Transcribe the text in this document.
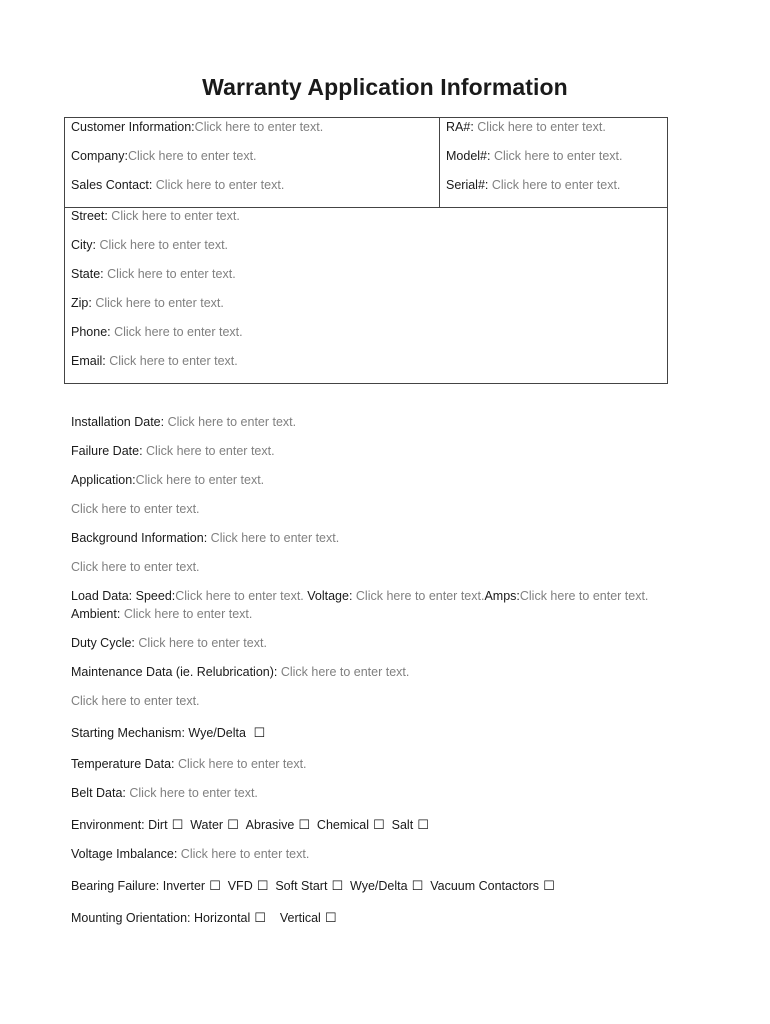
Warranty Application Information
Customer Information:Click here to enter text.
Company:Click here to enter text.
Sales Contact: Click here to enter text.
RA#: Click here to enter text.
Model#: Click here to enter text.
Serial#: Click here to enter text.
Street: Click here to enter text.
City: Click here to enter text.
State: Click here to enter text.
Zip: Click here to enter text.
Phone: Click here to enter text.
Email: Click here to enter text.
Installation Date: Click here to enter text.
Failure Date: Click here to enter text.
Application:Click here to enter text.
Click here to enter text.
Background Information: Click here to enter text.
Click here to enter text.
Load Data: Speed:Click here to enter text. Voltage: Click here to enter text.Amps:Click here to enter text.
Ambient: Click here to enter text.
Duty Cycle: Click here to enter text.
Maintenance Data (ie. Relubrication): Click here to enter text.
Click here to enter text.
Starting Mechanism: Wye/Delta ☐
Temperature Data: Click here to enter text.
Belt Data: Click here to enter text.
Environment: Dirt ☐ Water ☐ Abrasive ☐ Chemical ☐ Salt ☐
Voltage Imbalance: Click here to enter text.
Bearing Failure: Inverter ☐ VFD ☐ Soft Start ☐ Wye/Delta ☐ Vacuum Contactors ☐
Mounting Orientation: Horizontal ☐ Vertical ☐
